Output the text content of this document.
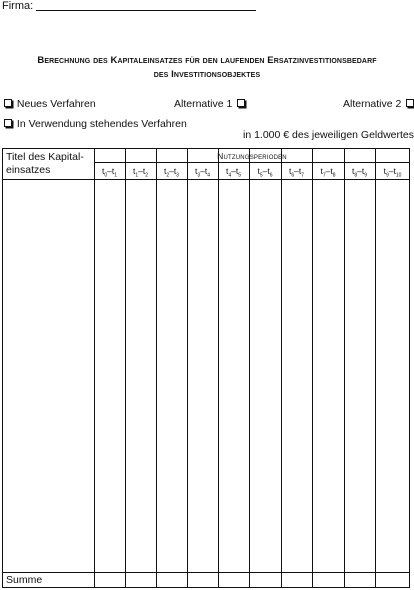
Firma:
Berechnung des Kapitaleinsatzes für den laufenden Ersatzinvestitionsbedarf
des Investitionsobjektes
Neues Verfahren	Alternative 1	Alternative 2
In Verwendung stehendes Verfahren
in 1.000 € des jeweiligen Geldwertes
Titel des Kapital-
einsatzes
Nutzungsperioden
$t_0-t_1$	$t_1-t_2$	$t_2-t_3$	$t_3-t_4$	$t_4-t_5$	$t_5-t_6$	$t_6-t_7$	$t_7-t_8$	$t_8-t_9$	$t_9-t_{10}$
Summe
